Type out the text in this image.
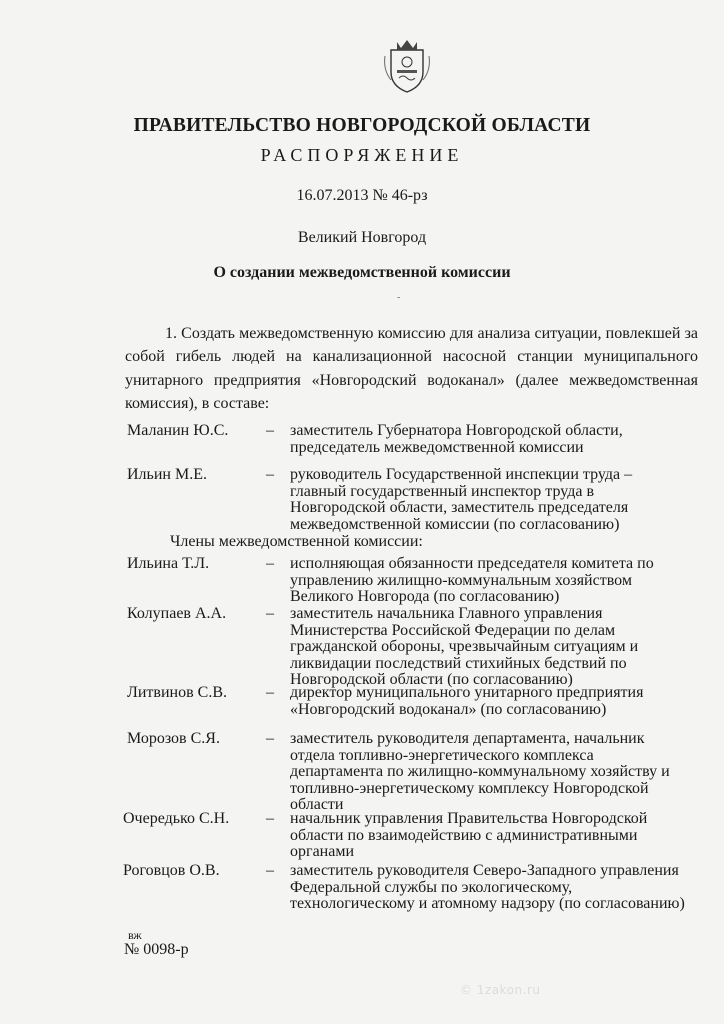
ПРАВИТЕЛЬСТВО НОВГОРОДСКОЙ ОБЛАСТИ
РАСПОРЯЖЕНИЕ
16.07.2013 № 46-рз
Великий Новгород
О создании межведомственной комиссии
-
1. Создать межведомственную комиссию для анализа ситуации, повлекшей за собой гибель людей на канализационной насосной станции муниципального унитарного предприятия «Новгородский водоканал» (далее межведомственная комиссия), в составе:
Маланин Ю.С. – заместитель Губернатора Новгородской области, председатель межведомственной комиссии
Ильин М.Е.	– руководитель Государственной инспекции труда – главный государственный инспектор труда в Новгородской области, заместитель председателя межведомственной комиссии (по согласованию)
Члены межведомственной комиссии:
Ильина Т.Л.	– исполняющая обязанности председателя комитета по управлению жилищно-коммунальным хозяйством Великого Новгорода (по согласованию)
Колупаев А.А. – заместитель начальника Главного управления Министерства Российской Федерации по делам гражданской обороны, чрезвычайным ситуациям и ликвидации последствий стихийных бедствий по Новгородской области (по согласованию)
Литвинов С.В. – директор муниципального унитарного предприятия «Новгородский водоканал» (по согласованию)
Морозов С.Я.	– заместитель руководителя департамента, начальник отдела топливно-энергетического комплекса департамента по жилищно-коммунальному хозяйству и топливно-энергетическому комплексу Новгородской области
Очередько С.Н. – начальник управления Правительства Новгородской области по взаимодействию с административными органами
Роговцов О.В.	– заместитель руководителя Северо-Западного управления Федеральной службы по экологическому, технологическому и атомному надзору (по согласованию)
вж
№ 0098-р
© 1zakon.ru
